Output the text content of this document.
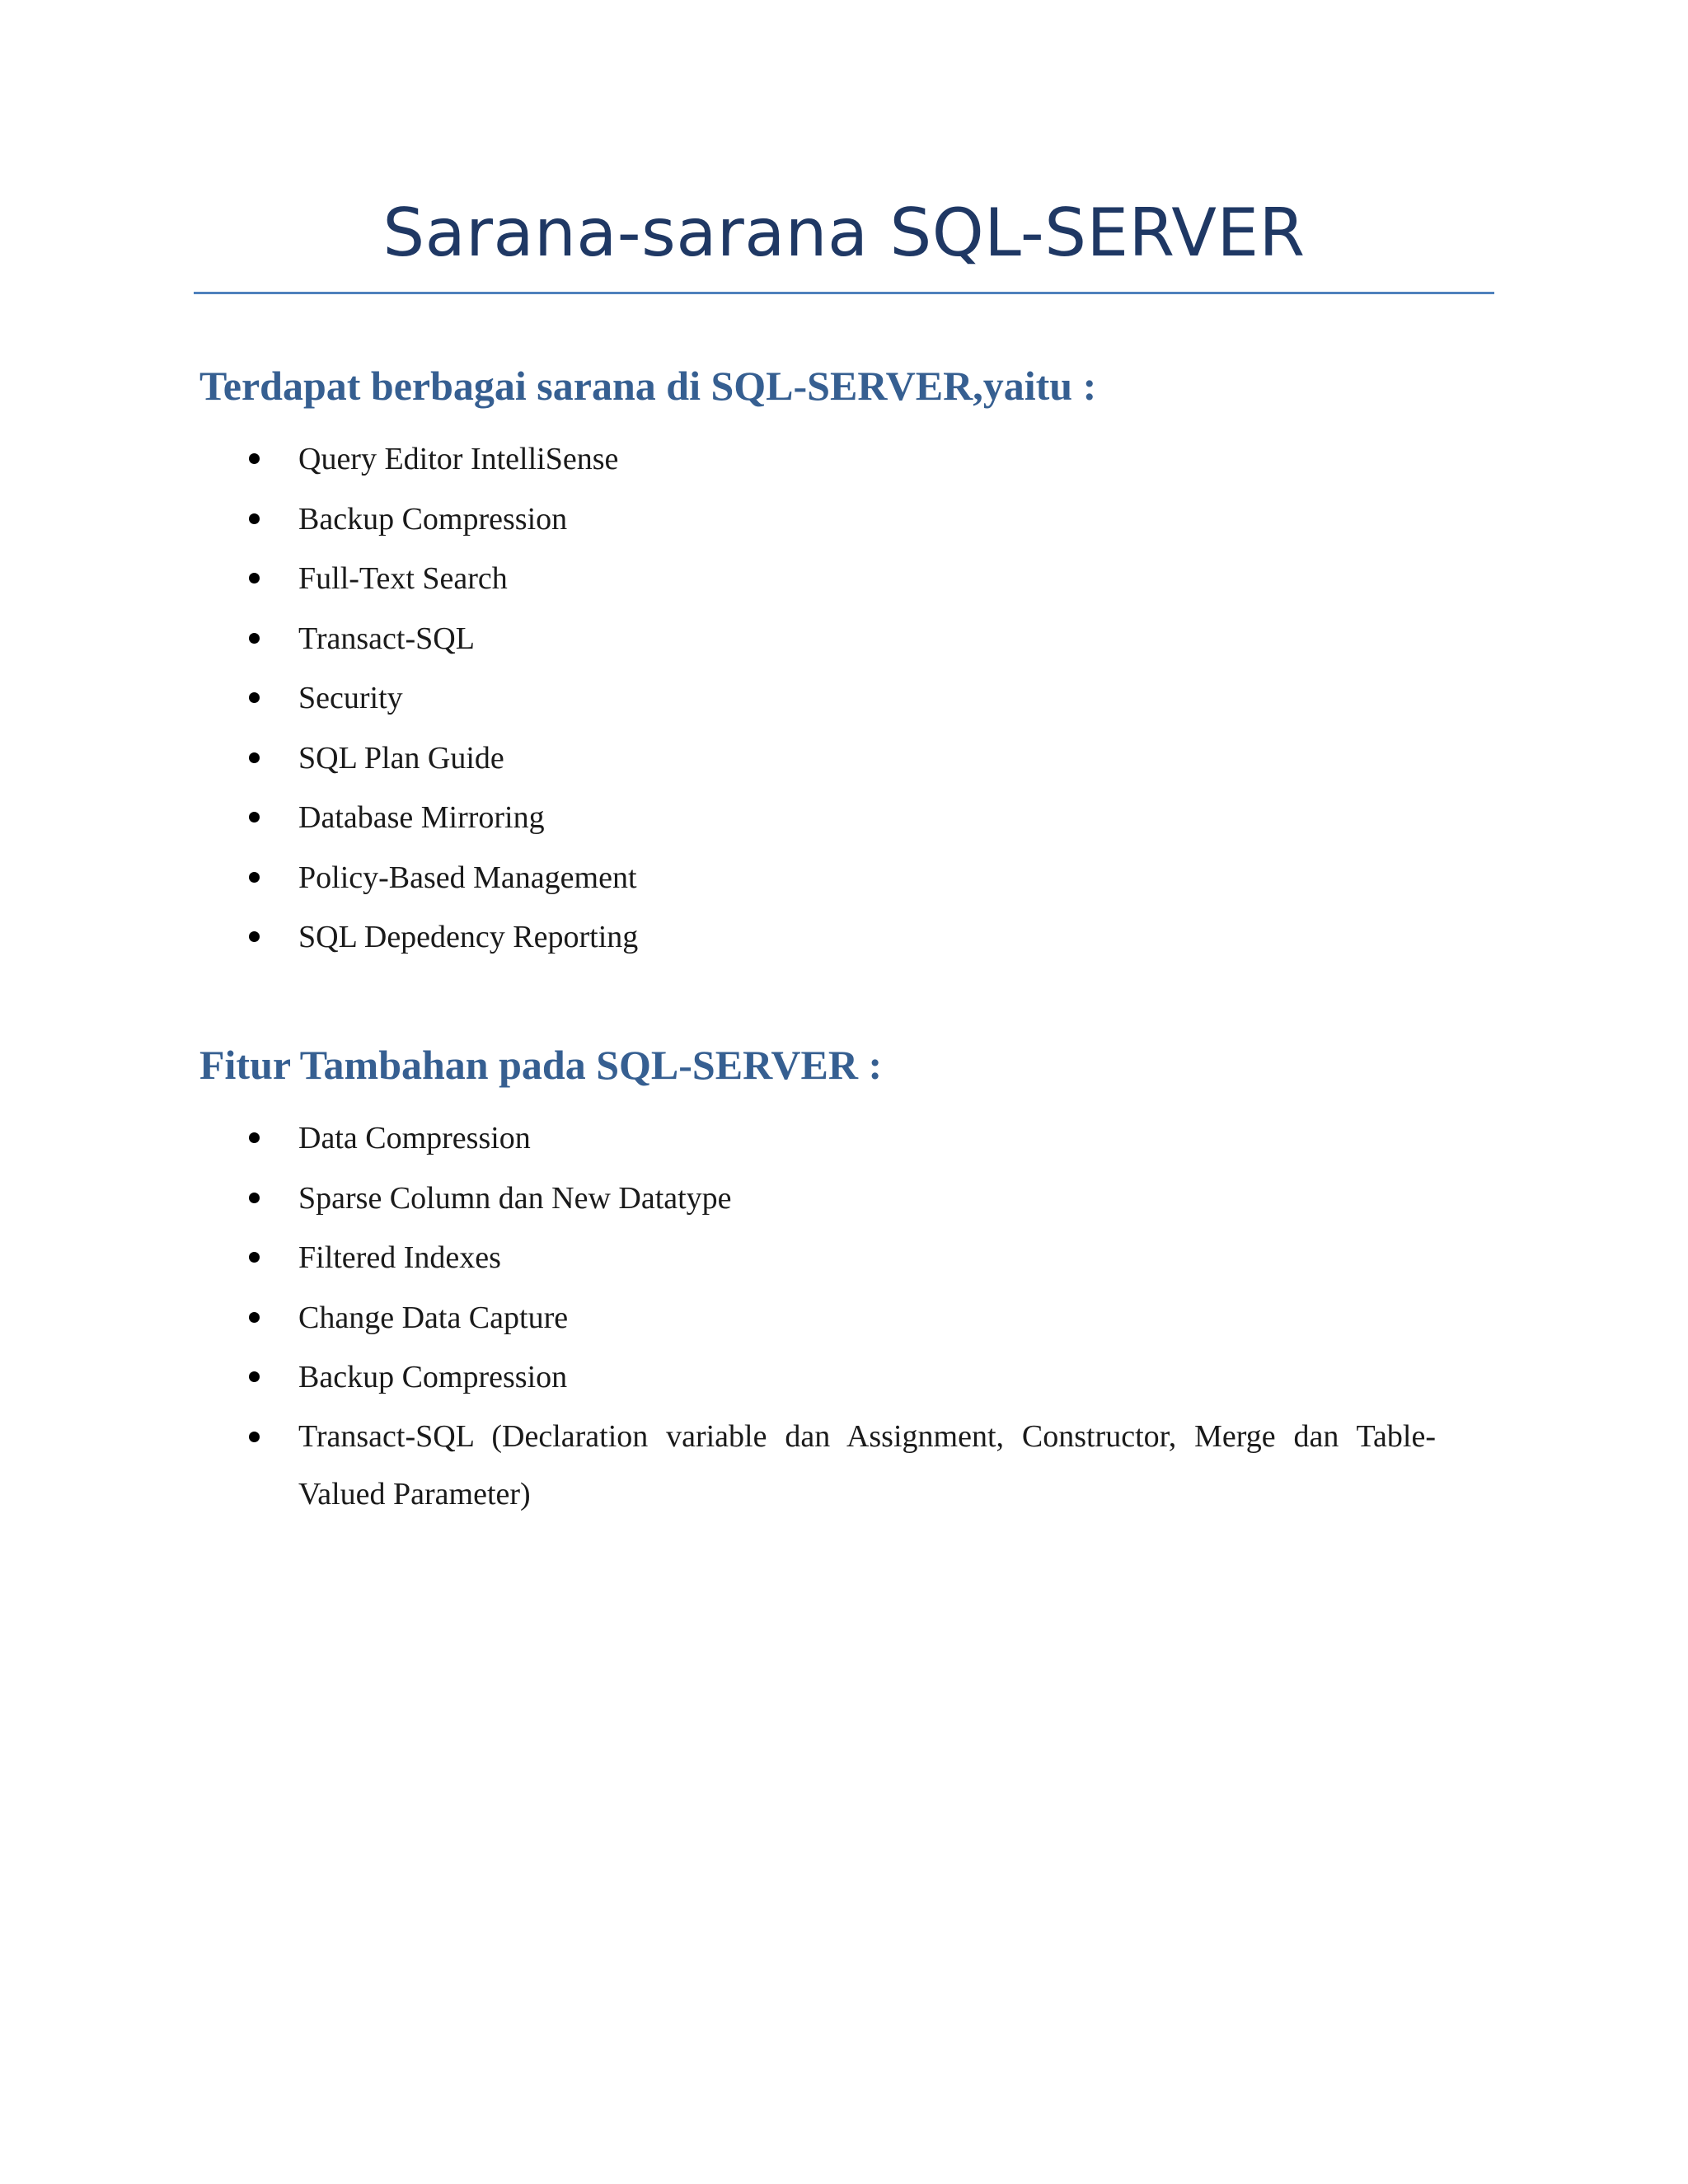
Sarana-sarana SQL-SERVER
Terdapat berbagai sarana di SQL-SERVER,yaitu :
Query Editor IntelliSense
Backup Compression
Full-Text Search
Transact-SQL
Security
SQL Plan Guide
Database Mirroring
Policy-Based Management
SQL Depedency Reporting
Fitur Tambahan pada SQL-SERVER :
Data Compression
Sparse Column dan New Datatype
Filtered Indexes
Change Data Capture
Backup Compression
Transact-SQL (Declaration variable dan Assignment, Constructor, Merge dan Table-Valued Parameter)
